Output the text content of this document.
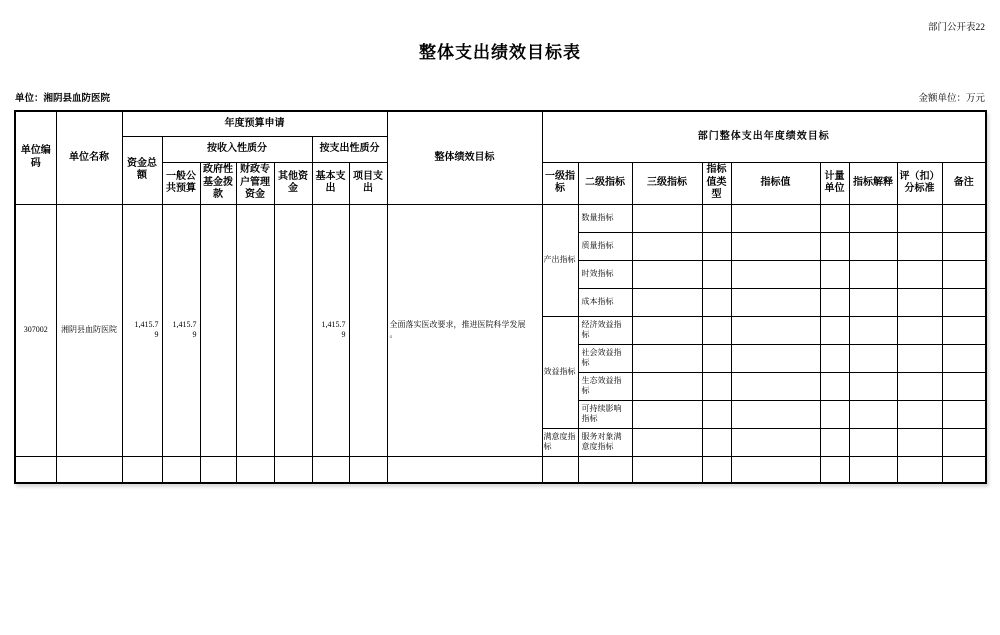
部门公开表22
整体支出绩效目标表
单位：湘阴县血防医院	金额单位：万元
单位编码	单位名称	年度预算申请							整体绩效目标	部门整体支出年度绩效目标								
		资金总额	按收入性质分				按支出性质分											
			一般公共预算	政府性基金拨款	财政专户管理资金	其他资金	基本支出	项目支出		一级指标	二级指标	三级指标	指标值类型	指标值	计量单位	指标解释	评（扣）分标准	备注
307002	湘阴县血防医院	1,415.79	1,415.79				1,415.79		全面落实医改要求，推进医院科学发展。	产出指标	数量指标							
											质量指标							
											时效指标							
											成本指标							
										效益指标	经济效益指标							
											社会效益指标							
											生态效益指标							
											可持续影响指标							
										满意度指标	服务对象满意度指标							
